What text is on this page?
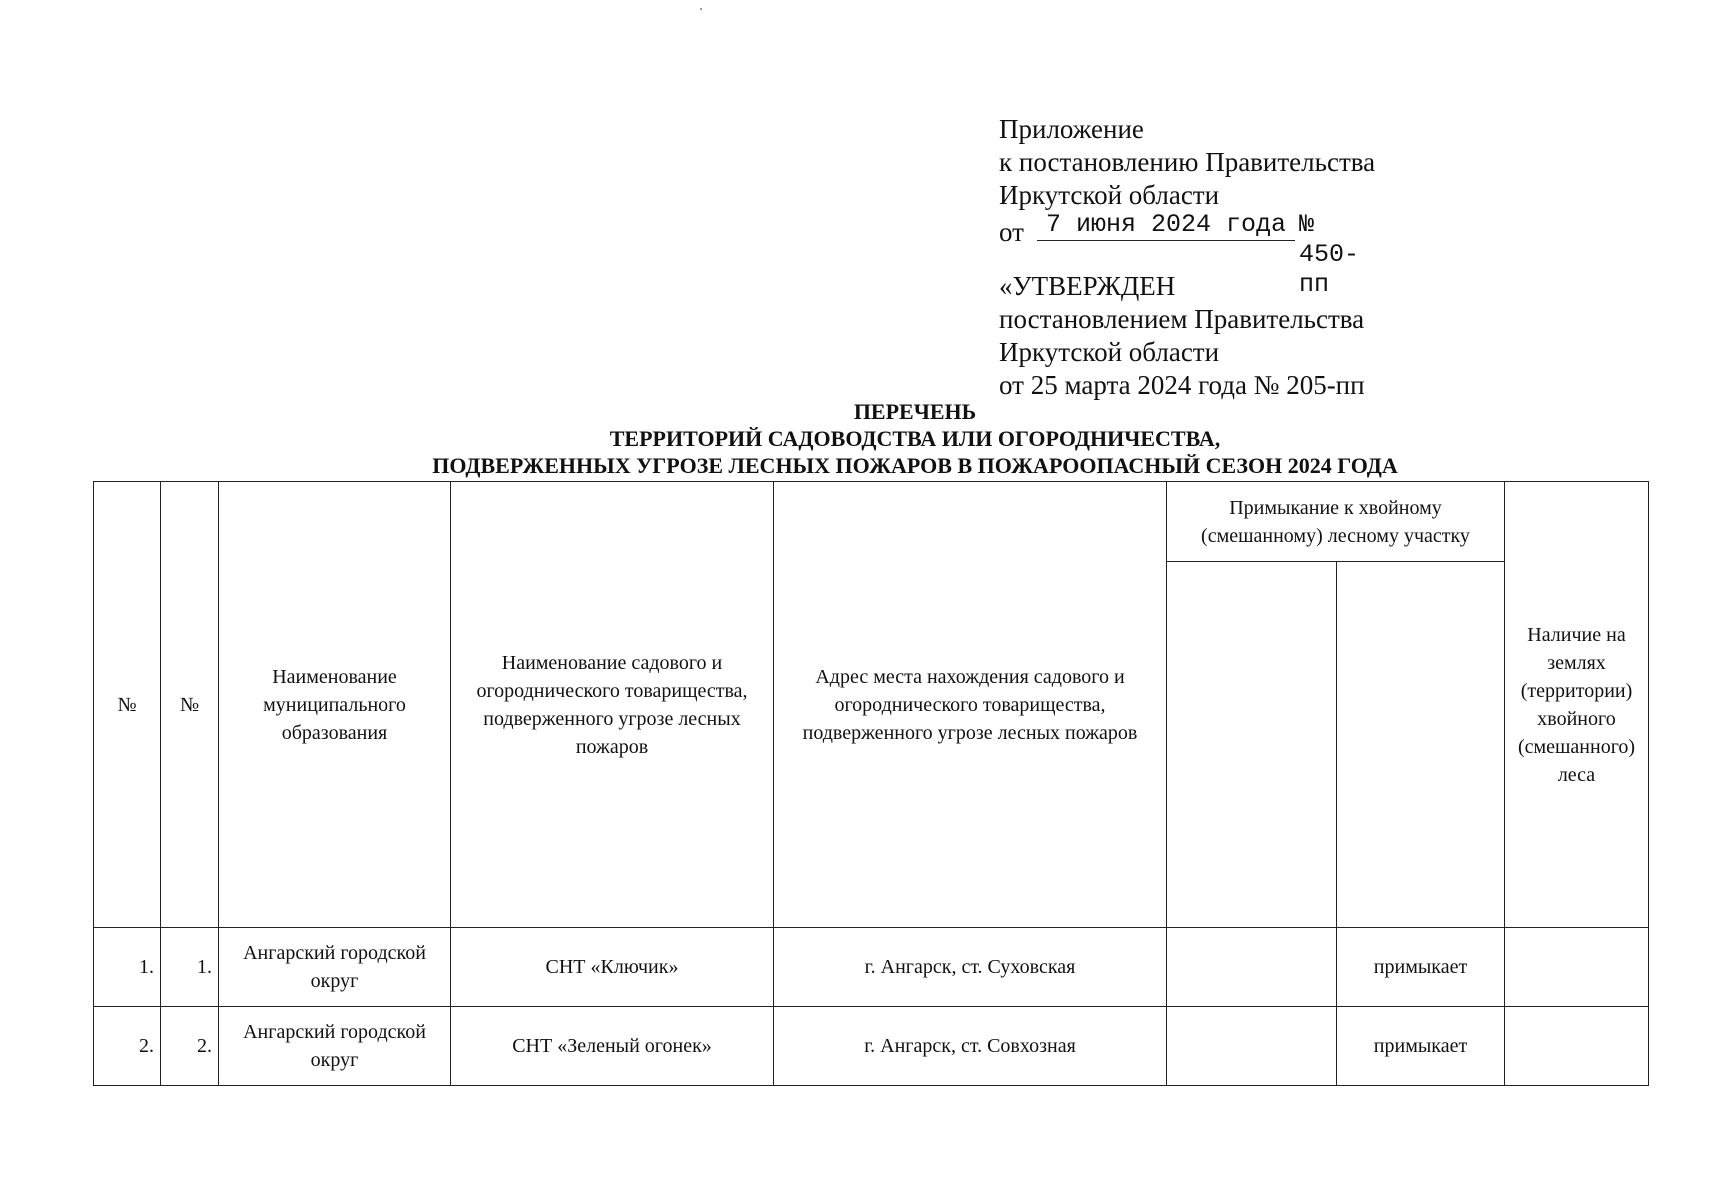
Приложение
к постановлению Правительства
Иркутской области
от 7 июня 2024 года № 450-пп
«УТВЕРЖДЕН
постановлением Правительства
Иркутской области
от 25 марта 2024 года № 205-пп
ПЕРЕЧЕНЬ
ТЕРРИТОРИЙ САДОВОДСТВА ИЛИ ОГОРОДНИЧЕСТВА,
ПОДВЕРЖЕННЫХ УГРОЗЕ ЛЕСНЫХ ПОЖАРОВ В ПОЖАРООПАСНЫЙ СЕЗОН 2024 ГОДА
№	№	Наименование муниципального образования	Наименование садового и огороднического товарищества, подверженного угрозе лесных пожаров	Адрес места нахождения садового и огороднического товарищества, подверженного угрозе лесных пожаров	Примыкание к хвойному (смешанному) лесному участку		Наличие на землях (территории) хвойного (смешанного) леса

1.	1.	Ангарский городской округ	СНТ «Ключик»	г. Ангарск, ст. Суховская		примыкает	
2.	2.	Ангарский городской округ	СНТ «Зеленый огонек»	г. Ангарск, ст. Совхозная		примыкает	
